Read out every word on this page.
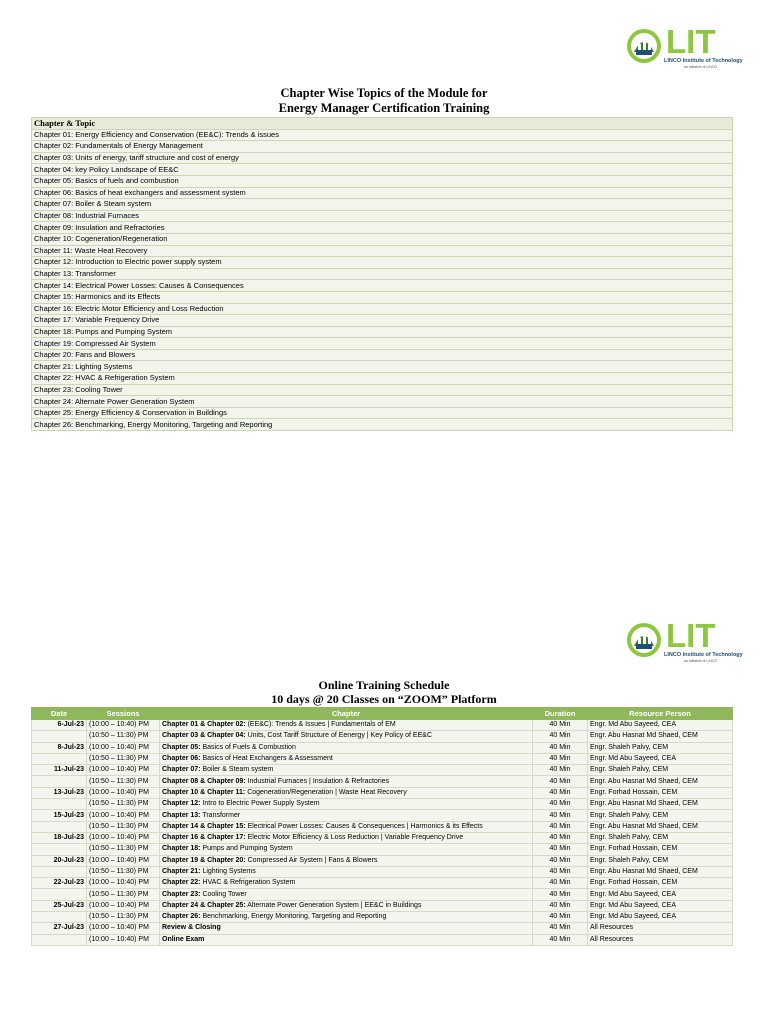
LIT
LINCO Institute of Technology
an initiative of LINCO
Chapter Wise Topics of the Module for
Energy Manager Certification Training
Chapter & Topic
Chapter 01: Energy Efficiency and Conservation (EE&C): Trends & issues
Chapter 02: Fundamentals of Energy Management
Chapter 03: Units of energy, tariff structure and cost of energy
Chapter 04: key Policy Landscape of EE&C
Chapter 05: Basics of fuels and combustion
Chapter 06: Basics of heat exchangers and assessment system
Chapter 07: Boiler & Steam system
Chapter 08: Industrial Furnaces
Chapter 09: Insulation and Refractories
Chapter 10: Cogeneration/Regeneration
Chapter 11: Waste Heat Recovery
Chapter 12: Introduction to Electric power supply system
Chapter 13: Transformer
Chapter 14: Electrical Power Losses: Causes & Consequences
Chapter 15: Harmonics and its Effects
Chapter 16: Electric Motor Efficiency and Loss Reduction
Chapter 17: Variable Frequency Drive
Chapter 18: Pumps and Pumping System
Chapter 19: Compressed Air System
Chapter 20: Fans and Blowers
Chapter 21: Lighting Systems
Chapter 22: HVAC & Refrigeration System
Chapter 23: Cooling Tower
Chapter 24: Alternate Power Generation System
Chapter 25: Energy Efficiency & Conservation in Buildings
Chapter 26: Benchmarking, Energy Monitoring, Targeting and Reporting
LIT
LINCO Institute of Technology
an initiative of LINCO
Online Training Schedule
10 days @ 20 Classes on “ZOOM” Platform
Date	Sessions	Chapter	Duration	Resource Person
6-Jul-23	(10:00 – 10:40) PM	Chapter 01 & Chapter 02: (EE&C): Trends & Issues | Fundamentals of EM	40 Min	Engr. Md Abu Sayeed, CEA
	(10:50 – 11:30) PM	Chapter 03 & Chapter 04: Units, Cost Tariff Structure of Eenergy | Key Policy of EE&C	40 Min	Engr. Abu Hasnat Md Shaed, CEM
8-Jul-23	(10:00 – 10:40) PM	Chapter 05: Basics of Fuels & Combustion	40 Min	Engr. Shaleh Palvy, CEM
	(10:50 – 11:30) PM	Chapter 06: Basics of Heat Exchangers & Assessment	40 Min	Engr. Md Abu Sayeed, CEA
11-Jul-23	(10:00 – 10:40) PM	Chapter 07: Boiler & Steam system	40 Min	Engr. Shaleh Palvy, CEM
	(10:50 – 11:30) PM	Chapter 08 & Chapter 09: Industrial Furnaces | Insulation & Refractories	40 Min	Engr. Abu Hasnat Md Shaed, CEM
13-Jul-23	(10:00 – 10:40) PM	Chapter 10 & Chapter 11: Cogeneration/Regeneration | Waste Heat Recovery	40 Min	Engr. Forhad Hossain, CEM
	(10:50 – 11:30) PM	Chapter 12: Intro to Electric Power Supply System	40 Min	Engr. Abu Hasnat Md Shaed, CEM
15-Jul-23	(10:00 – 10:40) PM	Chapter 13: Transformer	40 Min	Engr. Shaleh Palvy, CEM
	(10:50 – 11:30) PM	Chapter 14 & Chapter 15: Electrical Power Losses: Causes & Consequences | Harmonics & its Effects	40 Min	Engr. Abu Hasnat Md Shaed, CEM
18-Jul-23	(10:00 – 10:40) PM	Chapter 16 & Chapter 17: Electric Motor Efficiency & Loss Reduction | Variable Frequency Drive	40 Min	Engr. Shaleh Palvy, CEM
	(10:50 – 11:30) PM	Chapter 18: Pumps and Pumping System	40 Min	Engr. Forhad Hossain, CEM
20-Jul-23	(10:00 – 10:40) PM	Chapter 19 & Chapter 20: Compressed Air System | Fans & Blowers	40 Min	Engr. Shaleh Palvy, CEM
	(10:50 – 11:30) PM	Chapter 21: Lighting Systems	40 Min	Engr. Abu Hasnat Md Shaed, CEM
22-Jul-23	(10:00 – 10:40) PM	Chapter 22: HVAC & Refrigeration System	40 Min	Engr. Forhad Hossain, CEM
	(10:50 – 11:30) PM	Chapter 23: Cooling Tower	40 Min	Engr. Md Abu Sayeed, CEA
25-Jul-23	(10:00 – 10:40) PM	Chapter 24 & Chapter 25: Alternate Power Generation System | EE&C in Buildings	40 Min	Engr. Md Abu Sayeed, CEA
	(10:50 – 11:30) PM	Chapter 26: Benchmarking, Energy Monitoring, Targeting and Reporting	40 Min	Engr. Md Abu Sayeed, CEA
27-Jul-23	(10:00 – 10:40) PM	Review & Closing	40 Min	All Resources
	(10:00 – 10:40) PM	Online Exam	40 Min	All Resources
